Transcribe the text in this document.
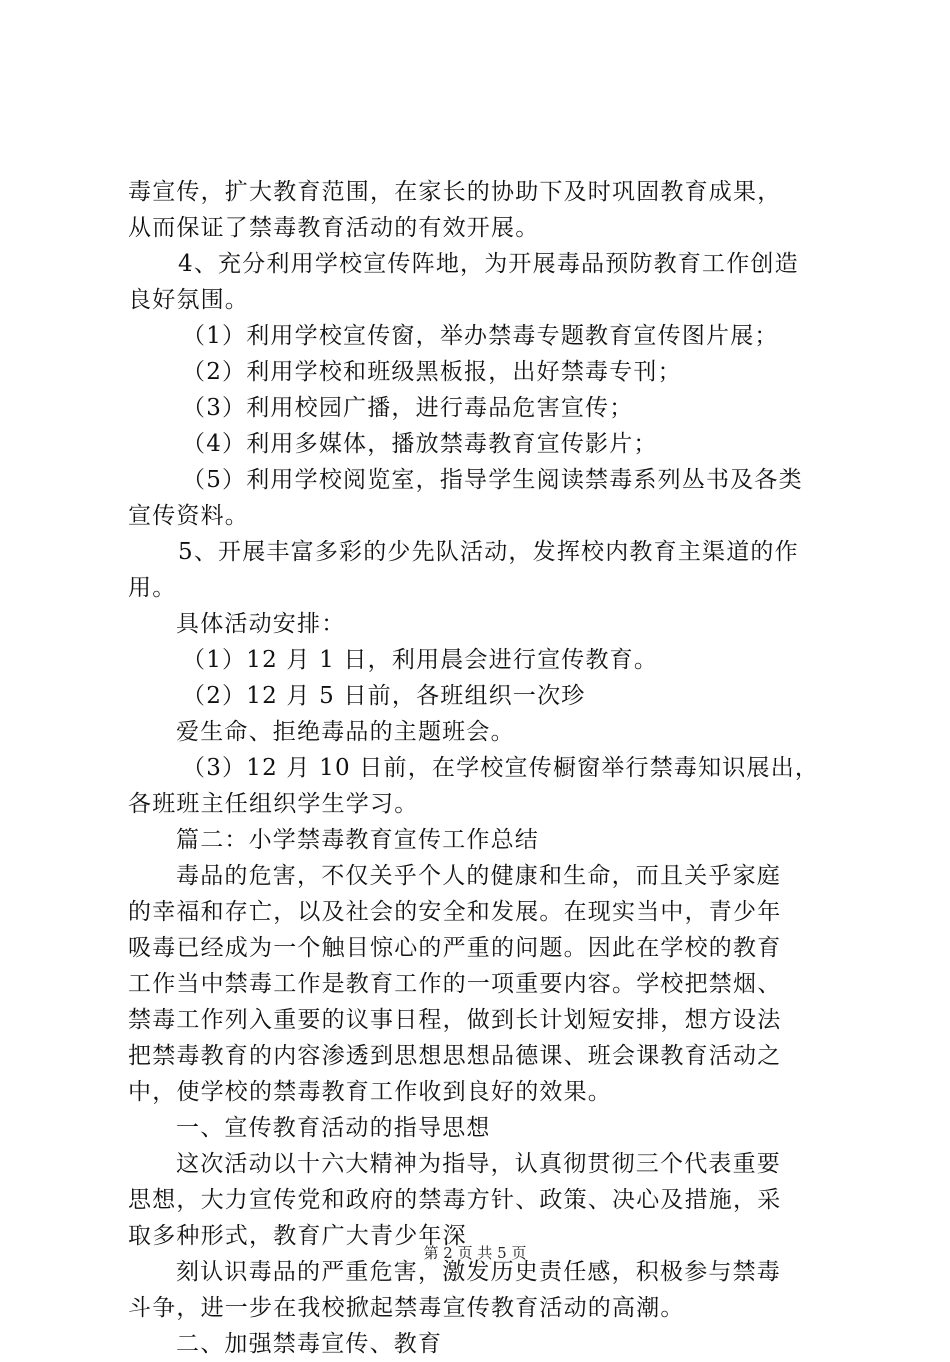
毒宣传，扩大教育范围，在家长的协助下及时巩固教育成果，
从而保证了禁毒教育活动的有效开展。
4、充分利用学校宣传阵地，为开展毒品预防教育工作创造
良好氛围。
（1）利用学校宣传窗，举办禁毒专题教育宣传图片展；
（2）利用学校和班级黑板报，出好禁毒专刊；
（3）利用校园广播，进行毒品危害宣传；
（4）利用多媒体，播放禁毒教育宣传影片；
（5）利用学校阅览室，指导学生阅读禁毒系列丛书及各类
宣传资料。
5、开展丰富多彩的少先队活动，发挥校内教育主渠道的作
用。
具体活动安排：
（1）12 月 1 日，利用晨会进行宣传教育。
（2）12 月 5 日前，各班组织一次珍
爱生命、拒绝毒品的主题班会。
（3）12 月 10 日前，在学校宣传橱窗举行禁毒知识展出，
各班班主任组织学生学习。
篇二：小学禁毒教育宣传工作总结
毒品的危害，不仅关乎个人的健康和生命，而且关乎家庭
的幸福和存亡，以及社会的安全和发展。在现实当中，青少年
吸毒已经成为一个触目惊心的严重的问题。因此在学校的教育
工作当中禁毒工作是教育工作的一项重要内容。学校把禁烟、
禁毒工作列入重要的议事日程，做到长计划短安排，想方设法
把禁毒教育的内容渗透到思想思想品德课、班会课教育活动之
中，使学校的禁毒教育工作收到良好的效果。
一、宣传教育活动的指导思想
这次活动以十六大精神为指导，认真彻贯彻三个代表重要
思想，大力宣传党和政府的禁毒方针、政策、决心及措施，采
取多种形式，教育广大青少年深
刻认识毒品的严重危害，激发历史责任感，积极参与禁毒
斗争，进一步在我校掀起禁毒宣传教育活动的高潮。
二、加强禁毒宣传、教育
第 2 页 共 5 页
